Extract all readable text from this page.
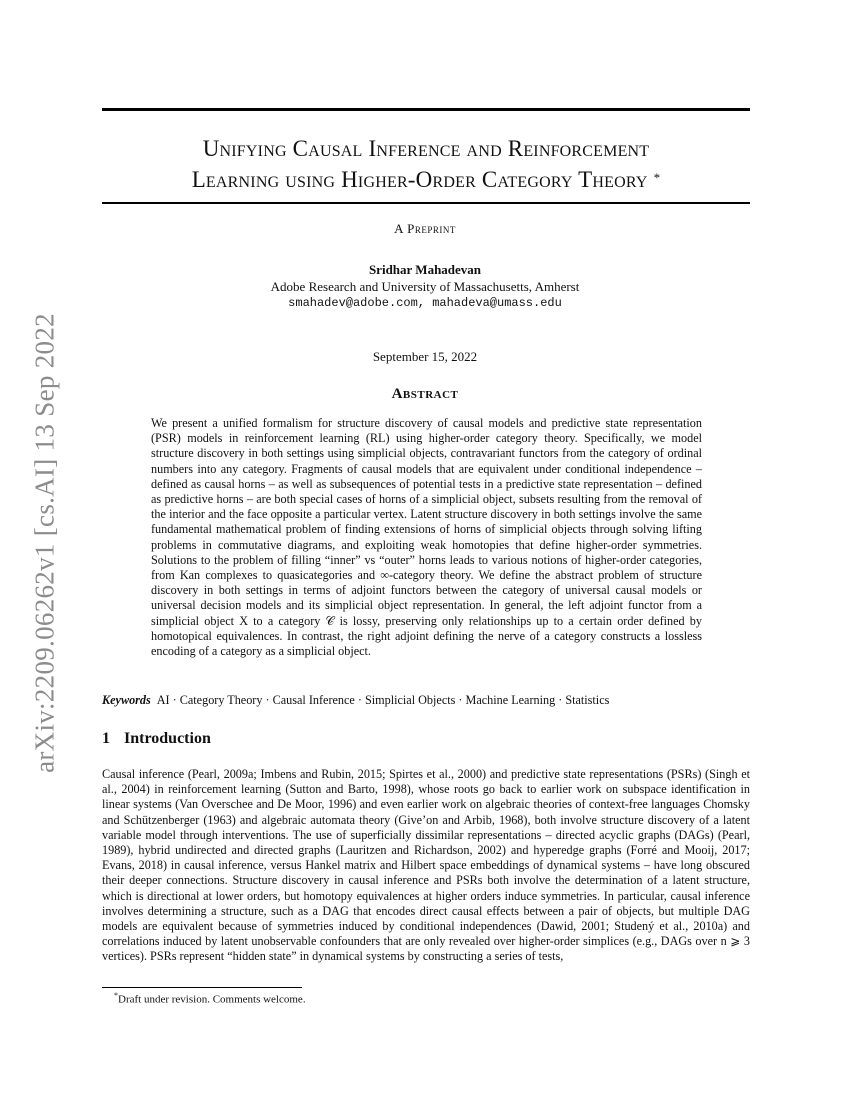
arXiv:2209.06262v1 [cs.AI] 13 Sep 2022
Unifying Causal Inference and Reinforcement
Learning using Higher-Order Category Theory *
A Preprint
Sridhar Mahadevan
Adobe Research and University of Massachusetts, Amherst
smahadev@adobe.com, mahadeva@umass.edu
September 15, 2022
Abstract

We present a unified formalism for structure discovery of causal models and predictive state representation (PSR) models in reinforcement learning (RL) using higher-order category theory. Specifically, we model structure discovery in both settings using simplicial objects, contravariant functors from the category of ordinal numbers into any category. Fragments of causal models that are equivalent under conditional independence – defined as causal horns – as well as subsequences of potential tests in a predictive state representation – defined as predictive horns – are both special cases of horns of a simplicial object, subsets resulting from the removal of the interior and the face opposite a particular vertex. Latent structure discovery in both settings involve the same fundamental mathematical problem of finding extensions of horns of simplicial objects through solving lifting problems in commutative diagrams, and exploiting weak homotopies that define higher-order symmetries. Solutions to the problem of filling “inner” vs “outer” horns leads to various notions of higher-order categories, from Kan complexes to quasicategories and ∞-category theory. We define the abstract problem of structure discovery in both settings in terms of adjoint functors between the category of universal causal models or universal decision models and its simplicial object representation. In general, the left adjoint functor from a simplicial object X to a category 𝒞 is lossy, preserving only relationships up to a certain order defined by homotopical equivalences. In contrast, the right adjoint defining the nerve of a category constructs a lossless encoding of a category as a simplicial object.

Keywords AI · Category Theory · Causal Inference · Simplicial Objects · Machine Learning · Statistics
1 Introduction

Causal inference (Pearl, 2009a; Imbens and Rubin, 2015; Spirtes et al., 2000) and predictive state representations (PSRs) (Singh et al., 2004) in reinforcement learning (Sutton and Barto, 1998), whose roots go back to earlier work on subspace identification in linear systems (Van Overschee and De Moor, 1996) and even earlier work on algebraic theories of context-free languages Chomsky and Schützenberger (1963) and algebraic automata theory (Give’on and Arbib, 1968), both involve structure discovery of a latent variable model through interventions. The use of superficially dissimilar representations – directed acyclic graphs (DAGs) (Pearl, 1989), hybrid undirected and directed graphs (Lauritzen and Richardson, 2002) and hyperedge graphs (Forré and Mooij, 2017; Evans, 2018) in causal inference, versus Hankel matrix and Hilbert space embeddings of dynamical systems – have long obscured their deeper connections. Structure discovery in causal inference and PSRs both involve the determination of a latent structure, which is directional at lower orders, but homotopy equivalences at higher orders induce symmetries. In particular, causal inference involves determining a structure, such as a DAG that encodes direct causal effects between a pair of objects, but multiple DAG models are equivalent because of symmetries induced by conditional independences (Dawid, 2001; Studený et al., 2010a) and correlations induced by latent unobservable confounders that are only revealed over higher-order simplices (e.g., DAGs over n ⩾ 3 vertices). PSRs represent “hidden state” in dynamical systems by constructing a series of tests,

*Draft under revision. Comments welcome.
